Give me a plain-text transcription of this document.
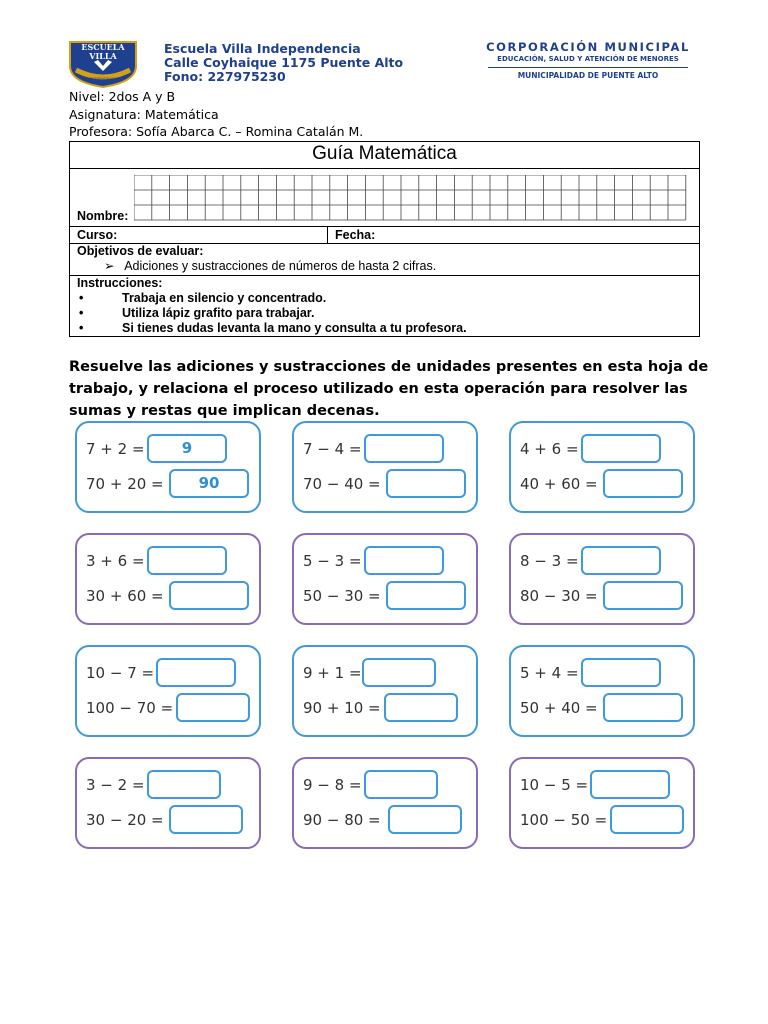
ESCUELA
VILLA
INDEPENDENCIA
Escuela Villa Independencia
Calle Coyhaique 1175 Puente Alto
Fono: 227975230
CORPORACIÓN MUNICIPAL
EDUCACIÓN, SALUD Y ATENCIÓN DE MENORES
MUNICIPALIDAD DE PUENTE ALTO
Nivel: 2dos A y B
Asignatura: Matemática
Profesora: Sofía Abarca C. – Romina Catalán M.
Guía Matemática
Nombre:
Curso:	Fecha:
Objetivos de evaluar:
➢ Adiciones y sustracciones de números de hasta 2 cifras.
Instrucciones:
•	Trabaja en silencio y concentrado.
•	Utiliza lápiz grafito para trabajar.
•	Si tienes dudas levanta la mano y consulta a tu profesora.
Resuelve las adiciones y sustracciones de unidades presentes en esta hoja de trabajo, y relaciona el proceso utilizado en esta operación para resolver las sumas y restas que implican decenas.
7 + 2 =	9
70 + 20 =	90
7 − 4 =
70 − 40 =
4 + 6 =
40 + 60 =
3 + 6 =
30 + 60 =
5 − 3 =
50 − 30 =
8 − 3 =
80 − 30 =
10 − 7 =
100 − 70 =
9 + 1 =
90 + 10 =
5 + 4 =
50 + 40 =
3 − 2 =
30 − 20 =
9 − 8 =
90 − 80 =
10 − 5 =
100 − 50 =
